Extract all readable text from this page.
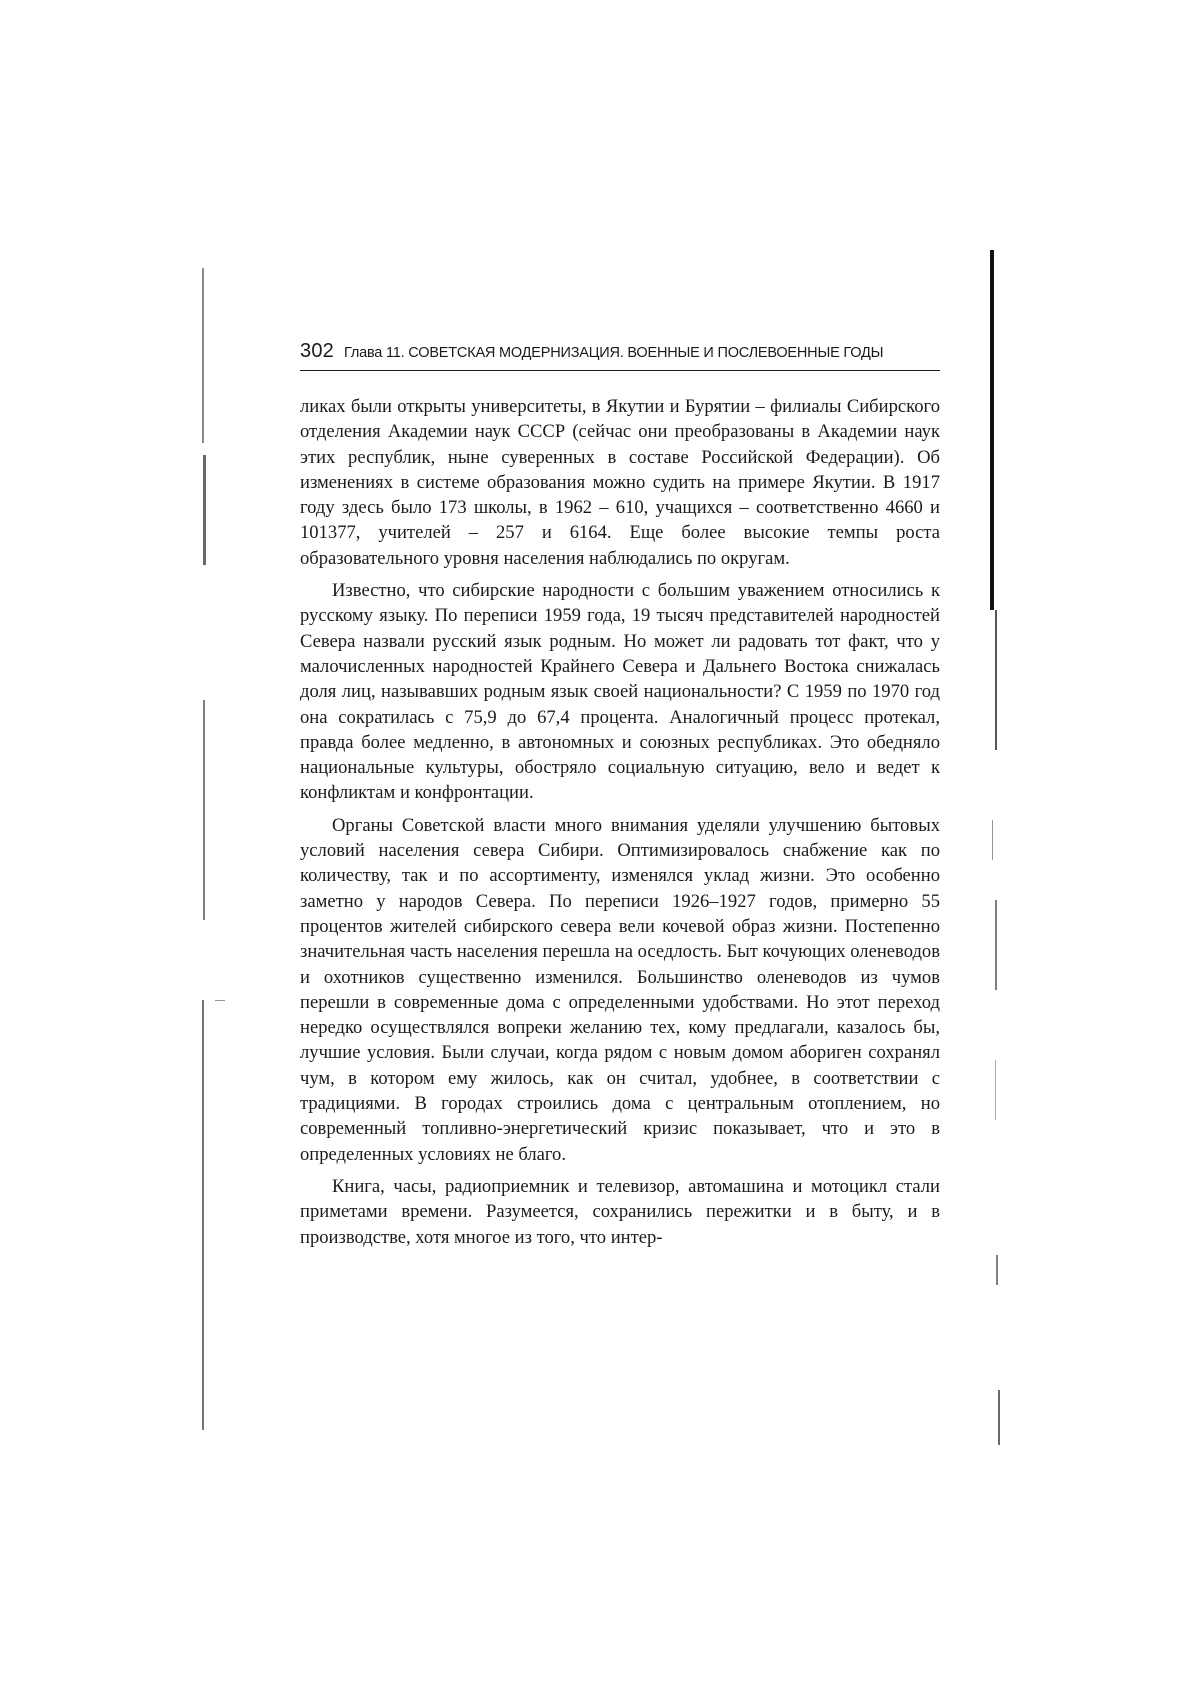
302 Глава 11. СОВЕТСКАЯ МОДЕРНИЗАЦИЯ. ВОЕННЫЕ И ПОСЛЕВОЕННЫЕ ГОДЫ

ликах были открыты университеты, в Якутии и Бурятии – филиалы Сибирского отделения Академии наук СССР (сейчас они преобразованы в Академии наук этих республик, ныне суверенных в составе Российской Федерации). Об изменениях в системе образования можно судить на примере Якутии. В 1917 году здесь было 173 школы, в 1962 – 610, учащихся – соответственно 4660 и 101377, учителей – 257 и 6164. Еще более высокие темпы роста образовательного уровня населения наблюдались по округам.

Известно, что сибирские народности с большим уважением относились к русскому языку. По переписи 1959 года, 19 тысяч представителей народностей Севера назвали русский язык родным. Но может ли радовать тот факт, что у малочисленных народностей Крайнего Севера и Дальнего Востока снижалась доля лиц, называвших родным язык своей национальности? С 1959 по 1970 год она сократилась с 75,9 до 67,4 процента. Аналогичный процесс протекал, правда более медленно, в автономных и союзных республиках. Это обедняло национальные культуры, обостряло социальную ситуацию, вело и ведет к конфликтам и конфронтации.

Органы Советской власти много внимания уделяли улучшению бытовых условий населения севера Сибири. Оптимизировалось снабжение как по количеству, так и по ассортименту, изменялся уклад жизни. Это особенно заметно у народов Севера. По переписи 1926–1927 годов, примерно 55 процентов жителей сибирского севера вели кочевой образ жизни. Постепенно значительная часть населения перешла на оседлость. Быт кочующих оленеводов и охотников существенно изменился. Большинство оленеводов из чумов перешли в современные дома с определенными удобствами. Но этот переход нередко осуществлялся вопреки желанию тех, кому предлагали, казалось бы, лучшие условия. Были случаи, когда рядом с новым домом абориген сохранял чум, в котором ему жилось, как он считал, удобнее, в соответствии с традициями. В городах строились дома с центральным отоплением, но современный топливно-энергетический кризис показывает, что и это в определенных условиях не благо.

Книга, часы, радиоприемник и телевизор, автомашина и мотоцикл стали приметами времени. Разумеется, сохранились пережитки и в быту, и в производстве, хотя многое из того, что интер-
